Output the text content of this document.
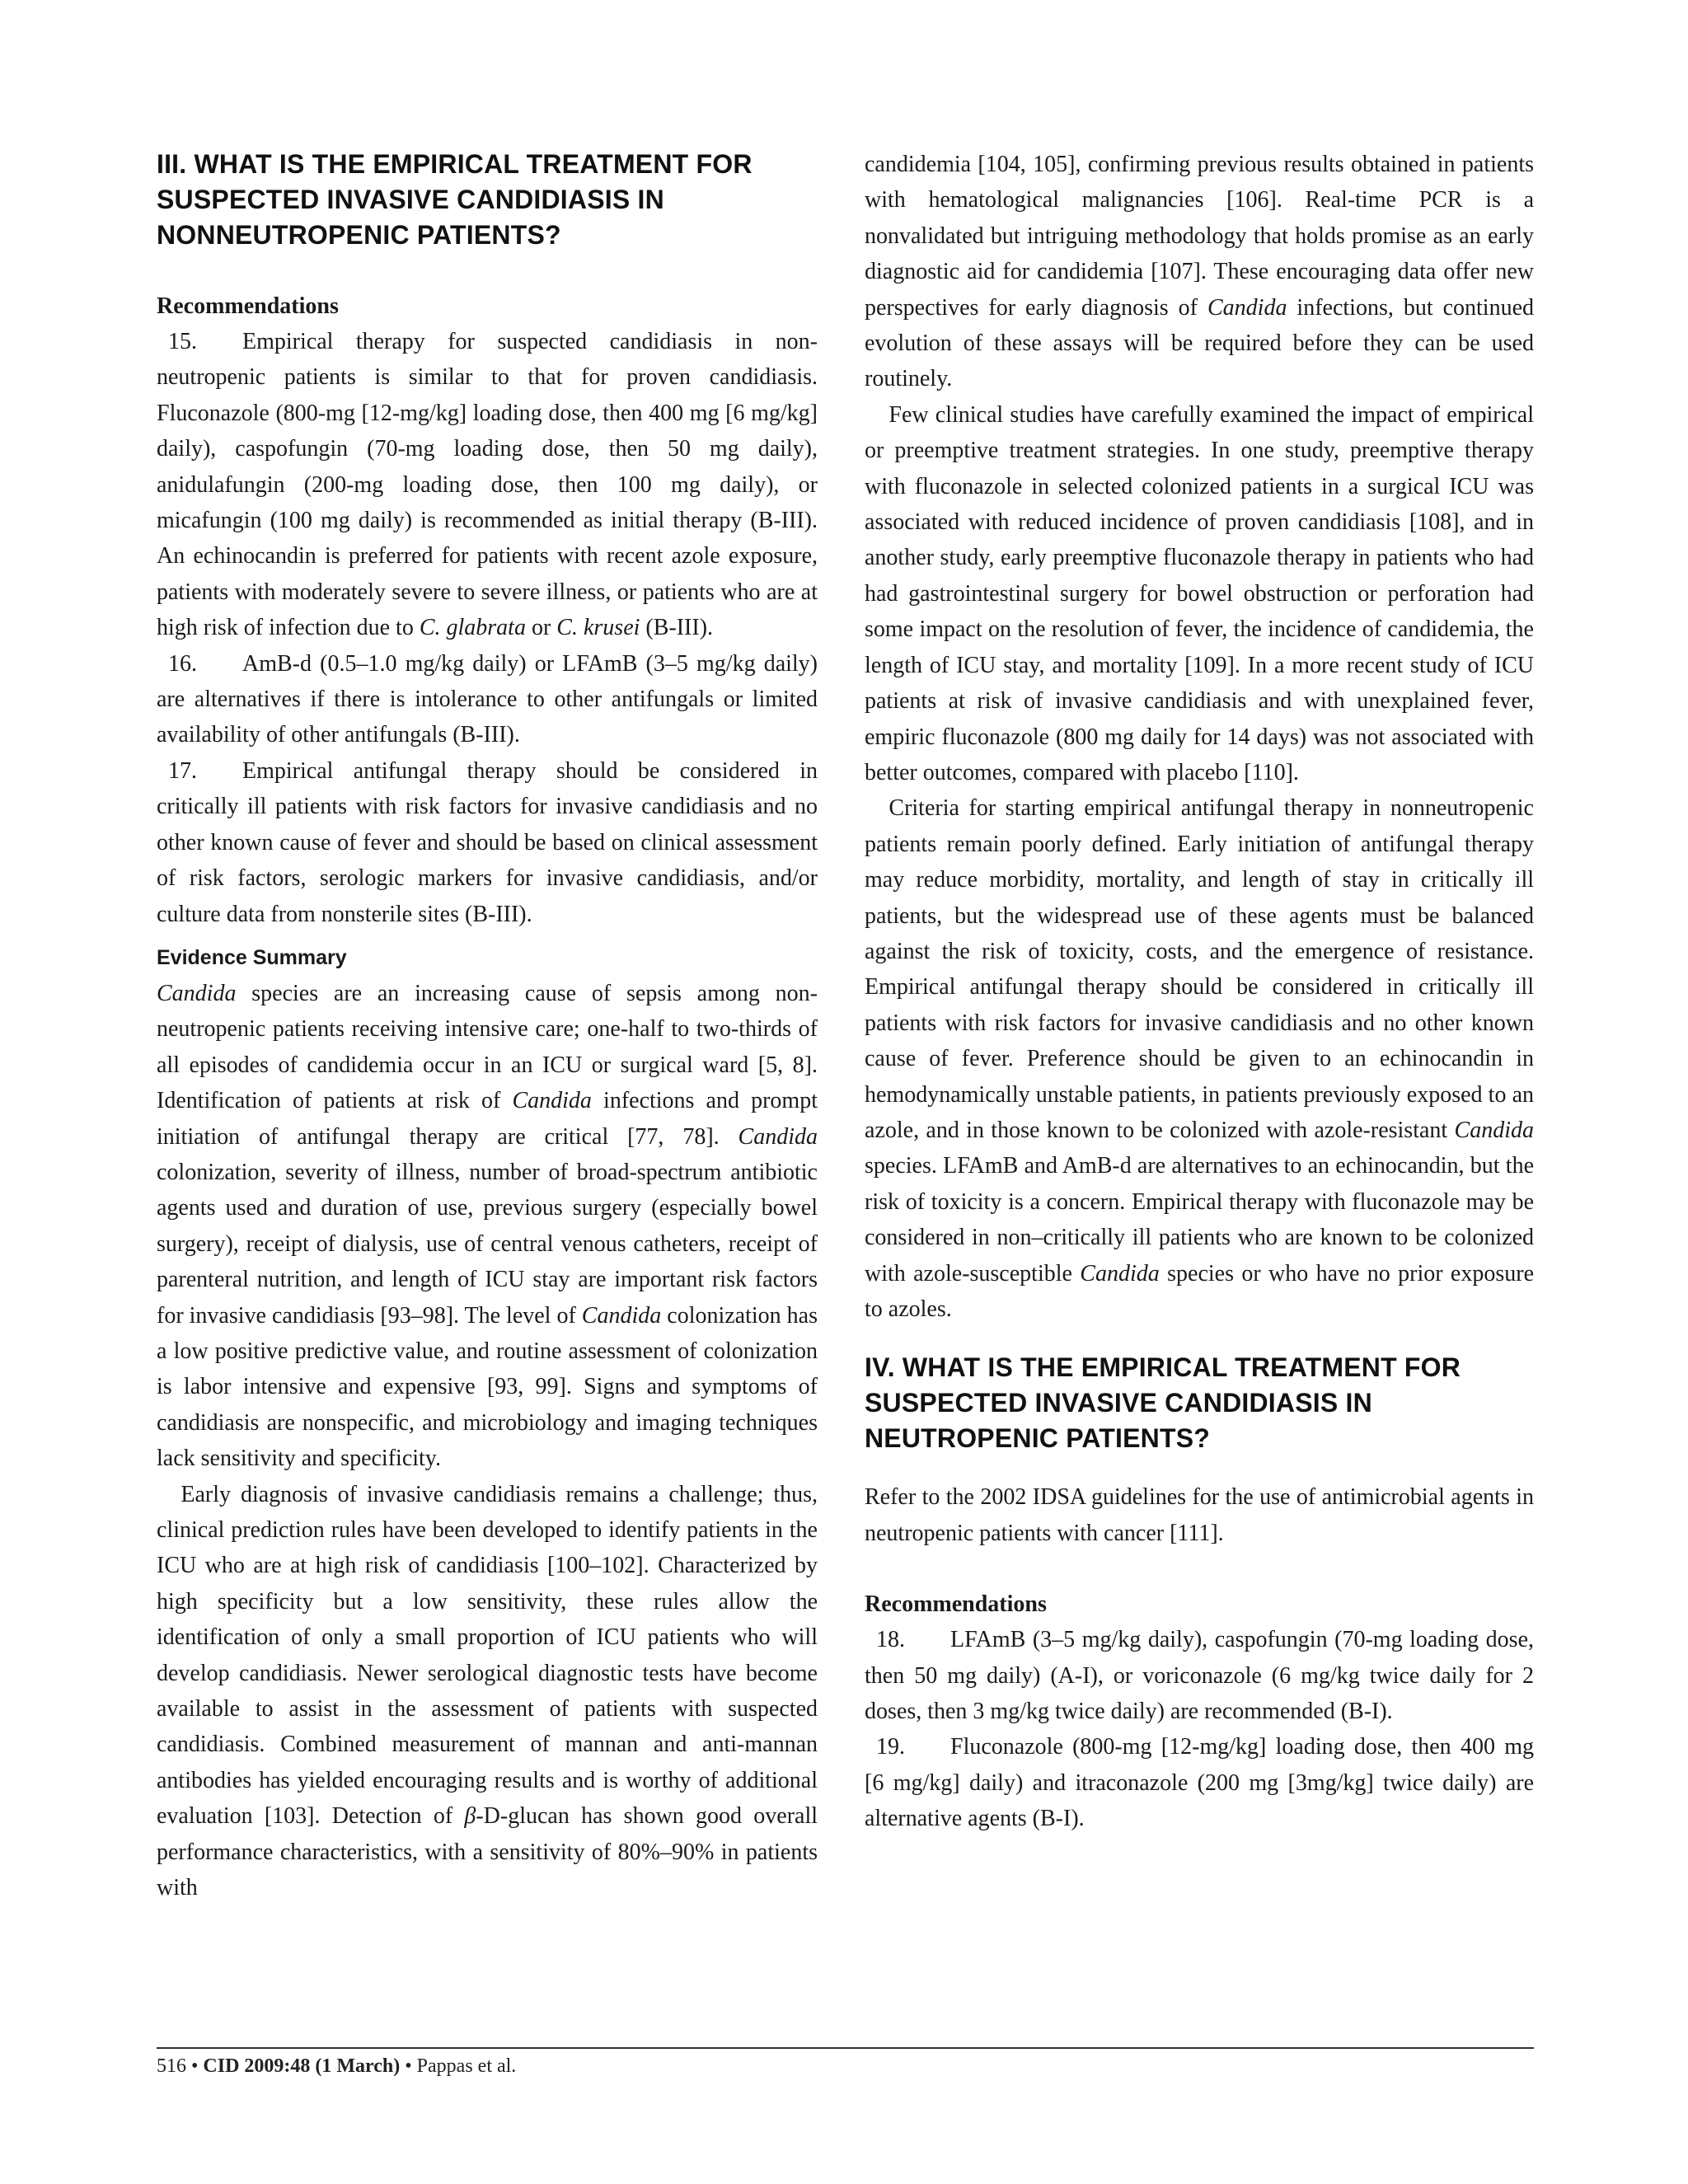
III. WHAT IS THE EMPIRICAL TREATMENT FOR SUSPECTED INVASIVE CANDIDIASIS IN NONNEUTROPENIC PATIENTS?
Recommendations

15. Empirical therapy for suspected candidiasis in non-neutropenic patients is similar to that for proven candidiasis. Fluconazole (800-mg [12-mg/kg] loading dose, then 400 mg [6 mg/kg] daily), caspofungin (70-mg loading dose, then 50 mg daily), anidulafungin (200-mg loading dose, then 100 mg daily), or micafungin (100 mg daily) is recommended as initial therapy (B-III). An echinocandin is preferred for patients with recent azole exposure, patients with moderately severe to severe illness, or patients who are at high risk of infection due to C. glabrata or C. krusei (B-III).

16. AmB-d (0.5–1.0 mg/kg daily) or LFAmB (3–5 mg/kg daily) are alternatives if there is intolerance to other antifungals or limited availability of other antifungals (B-III).

17. Empirical antifungal therapy should be considered in critically ill patients with risk factors for invasive candidiasis and no other known cause of fever and should be based on clinical assessment of risk factors, serologic markers for invasive candidiasis, and/or culture data from nonsterile sites (B-III).

Evidence Summary

Candida species are an increasing cause of sepsis among non-neutropenic patients receiving intensive care; one-half to two-thirds of all episodes of candidemia occur in an ICU or surgical ward [5, 8]. Identification of patients at risk of Candida infections and prompt initiation of antifungal therapy are critical [77, 78]. Candida colonization, severity of illness, number of broad-spectrum antibiotic agents used and duration of use, previous surgery (especially bowel surgery), receipt of dialysis, use of central venous catheters, receipt of parenteral nutrition, and length of ICU stay are important risk factors for invasive candidiasis [93–98]. The level of Candida colonization has a low positive predictive value, and routine assessment of colonization is labor intensive and expensive [93, 99]. Signs and symptoms of candidiasis are nonspecific, and microbiology and imaging techniques lack sensitivity and specificity.

Early diagnosis of invasive candidiasis remains a challenge; thus, clinical prediction rules have been developed to identify patients in the ICU who are at high risk of candidiasis [100–102]. Characterized by high specificity but a low sensitivity, these rules allow the identification of only a small proportion of ICU patients who will develop candidiasis. Newer serological diagnostic tests have become available to assist in the assessment of patients with suspected candidiasis. Combined measurement of mannan and anti-mannan antibodies has yielded encouraging results and is worthy of additional evaluation [103]. Detection of β-D-glucan has shown good overall performance characteristics, with a sensitivity of 80%–90% in patients with

candidemia [104, 105], confirming previous results obtained in patients with hematological malignancies [106]. Real-time PCR is a nonvalidated but intriguing methodology that holds promise as an early diagnostic aid for candidemia [107]. These encouraging data offer new perspectives for early diagnosis of Candida infections, but continued evolution of these assays will be required before they can be used routinely.

Few clinical studies have carefully examined the impact of empirical or preemptive treatment strategies. In one study, preemptive therapy with fluconazole in selected colonized patients in a surgical ICU was associated with reduced incidence of proven candidiasis [108], and in another study, early preemptive fluconazole therapy in patients who had had gastrointestinal surgery for bowel obstruction or perforation had some impact on the resolution of fever, the incidence of candidemia, the length of ICU stay, and mortality [109]. In a more recent study of ICU patients at risk of invasive candidiasis and with unexplained fever, empiric fluconazole (800 mg daily for 14 days) was not associated with better outcomes, compared with placebo [110].

Criteria for starting empirical antifungal therapy in nonneutropenic patients remain poorly defined. Early initiation of antifungal therapy may reduce morbidity, mortality, and length of stay in critically ill patients, but the widespread use of these agents must be balanced against the risk of toxicity, costs, and the emergence of resistance. Empirical antifungal therapy should be considered in critically ill patients with risk factors for invasive candidiasis and no other known cause of fever. Preference should be given to an echinocandin in hemodynamically unstable patients, in patients previously exposed to an azole, and in those known to be colonized with azole-resistant Candida species. LFAmB and AmB-d are alternatives to an echinocandin, but the risk of toxicity is a concern. Empirical therapy with fluconazole may be considered in non–critically ill patients who are known to be colonized with azole-susceptible Candida species or who have no prior exposure to azoles.

IV. WHAT IS THE EMPIRICAL TREATMENT FOR SUSPECTED INVASIVE CANDIDIASIS IN NEUTROPENIC PATIENTS?

Refer to the 2002 IDSA guidelines for the use of antimicrobial agents in neutropenic patients with cancer [111].

Recommendations

18. LFAmB (3–5 mg/kg daily), caspofungin (70-mg loading dose, then 50 mg daily) (A-I), or voriconazole (6 mg/kg twice daily for 2 doses, then 3 mg/kg twice daily) are recommended (B-I).

19. Fluconazole (800-mg [12-mg/kg] loading dose, then 400 mg [6 mg/kg] daily) and itraconazole (200 mg [3mg/kg] twice daily) are alternative agents (B-I).

516 • CID 2009:48 (1 March) • Pappas et al.
